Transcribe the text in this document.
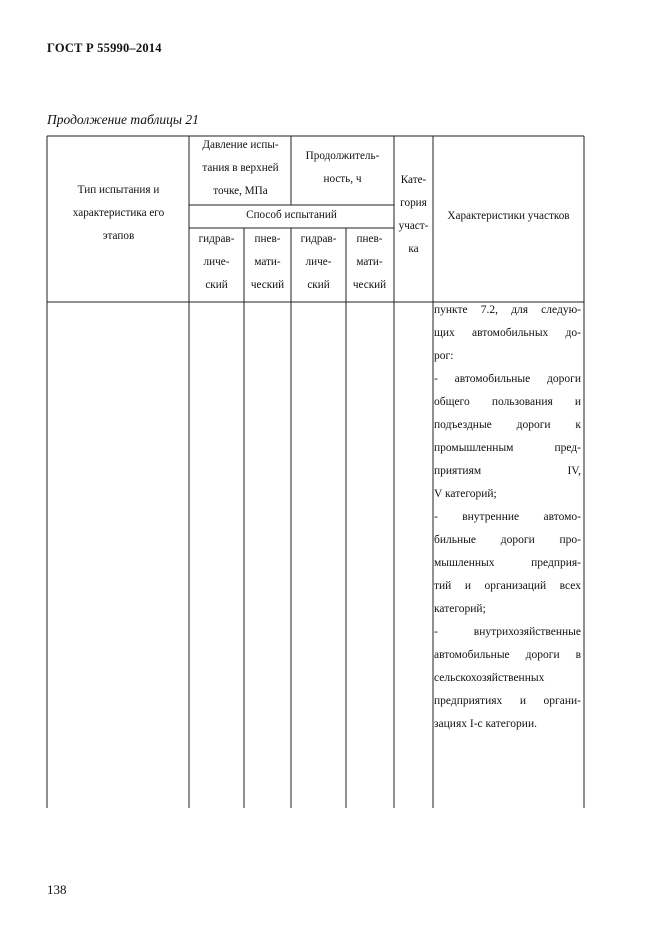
ГОСТ Р 55990–2014
Продолжение таблицы 21
Тип испытания и
характеристика его
этапов
Давление испы-
тания в верхней
точке, МПа
Продолжитель-
ность, ч	Кате-
гория
участ-
ка
Характеристики участков
Способ испытаний
гидрав-
личе-
ский
пнев-
мати-
ческий
гидрав-
личе-
ский
пнев-
мати-
ческий
пункте 7.2, для следую-
щих автомобильных до-
рог:
- автомобильные дороги
общего пользования и
подъездные дороги к
промышленным пред-
приятиям IV,
V категорий;
- внутренние автомо-
бильные дороги про-
мышленных предприя-
тий и организаций всех
категорий;
- внутрихозяйственные
автомобильные дороги в
сельскохозяйственных
предприятиях и органи-
зациях I-с категории.
138
